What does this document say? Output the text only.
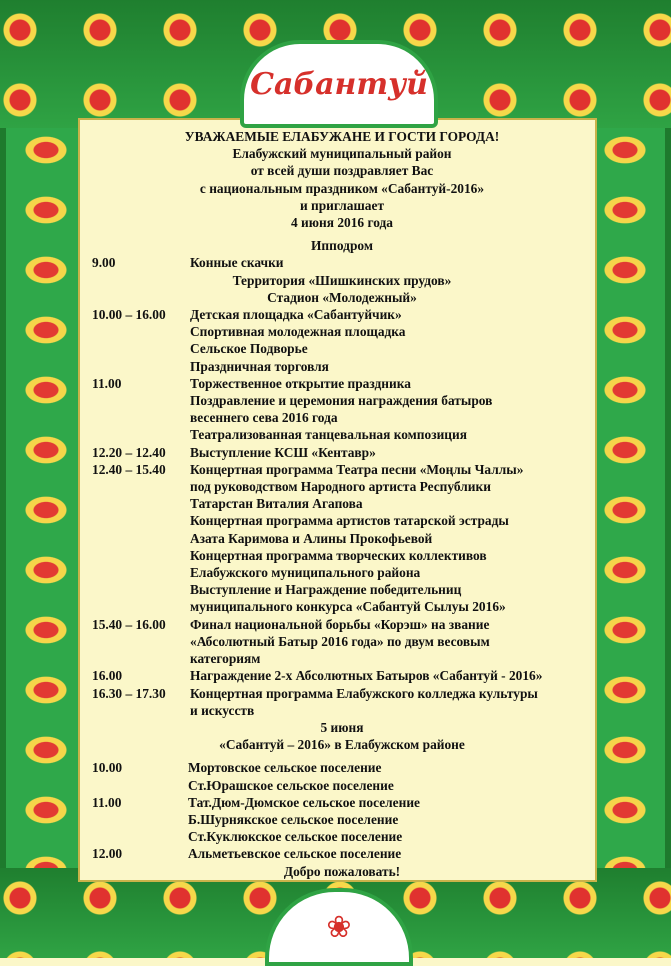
Сабантуй
❀
УВАЖАЕМЫЕ ЕЛАБУЖАНЕ И ГОСТИ ГОРОДА!
Елабужский муниципальный район
от всей души поздравляет Вас
с национальным праздником «Сабантуй-2016»
и приглашает
4 июня 2016 года
Ипподром
9.00	Конные скачки
Территория «Шишкинских прудов»
Стадион «Молодежный»
10.00 – 16.00	Детская площадка «Сабантуйчик»
Спортивная молодежная площадка
Сельское Подворье
Праздничная торговля
11.00	Торжественное открытие праздника
Поздравление и церемония награждения батыров
весеннего сева 2016 года
Театрализованная танцевальная композиция
12.20 – 12.40	Выступление КСШ «Кентавр»
12.40 – 15.40	Концертная программа Театра песни «Моңлы Чаллы»
под руководством Народного артиста Республики
Татарстан Виталия Агапова
Концертная программа артистов татарской эстрады
Азата Каримова и Алины Прокофьевой
Концертная программа творческих коллективов
Елабужского муниципального района
Выступление и Награждение победительниц
муниципального конкурса «Сабантуй Сылуы 2016»
15.40 – 16.00	Финал национальной борьбы «Корэш» на звание
«Абсолютный Батыр 2016 года» по двум весовым
категориям
16.00	Награждение 2-х Абсолютных Батыров «Сабантуй - 2016»
16.30 – 17.30	Концертная программа Елабужского колледжа культуры
и искусств
5 июня
«Сабантуй – 2016» в Елабужском районе
10.00	Мортовское сельское поселение
Ст.Юрашское сельское поселение
11.00	Тат.Дюм-Дюмское сельское поселение
Б.Шурнякское сельское поселение
Ст.Куклюкское сельское поселение
12.00	Альметьевское сельское поселение
Добро пожаловать!
